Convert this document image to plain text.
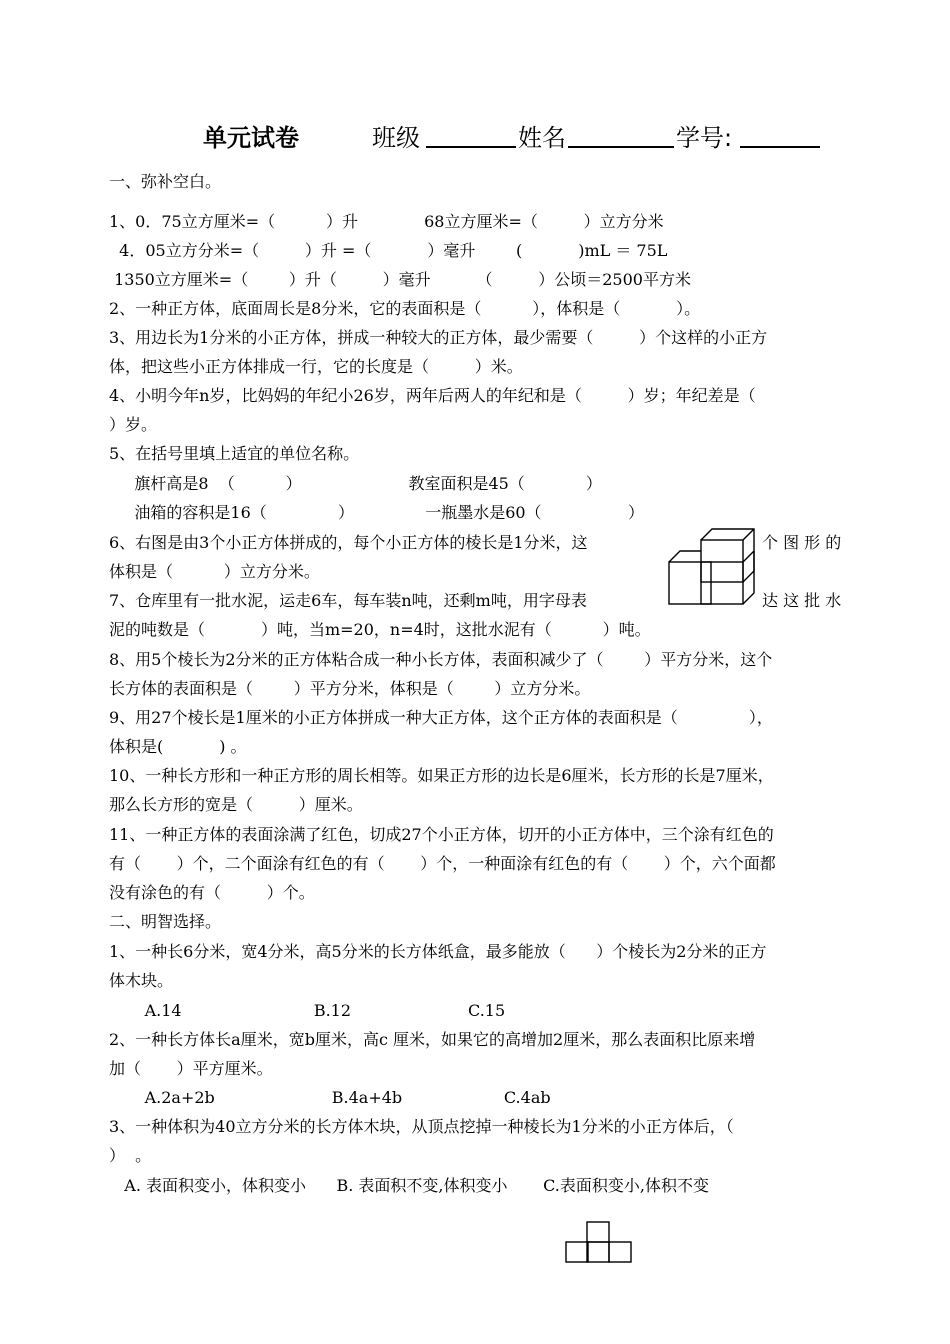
单元试卷	班级	姓名	学号:
一、弥补空白。
1、0．75立方厘米=（          ）升             68立方厘米=（         ）立方分米
4．05立方分米=（         ）升 =（           ）毫升        (           )mL ＝ 75L
1350立方厘米=（        ）升（         ）毫升         （         ）公顷＝2500平方米
2、一种正方体，底面周长是8分米，它的表面积是（          ），体积是（           ）。
3、用边长为1分米的小正方体，拼成一种较大的正方体，最少需要（         ）个这样的小正方
体，把这些小正方体排成一行，它的长度是（         ）米。
4、小明今年n岁，比妈妈的年纪小26岁，两年后两人的年纪和是（         ）岁；年纪差是（
）岁。
5、在括号里填上适宜的单位名称。
旗杆高是8  （          ）                     教室面积是45（            ）
油箱的容积是16（              ）              一瓶墨水是60（                 ）
6、右图是由3个小正方体拼成的，每个小正方体的棱长是1分米，这	个 图 形 的
体积是（          ）立方分米。
7、仓库里有一批水泥，运走6车，每车装n吨，还剩m吨，用字母表	达 这 批 水
泥的吨数是（           ）吨，当m=20，n=4时，这批水泥有（          ）吨。
8、用5个棱长为2分米的正方体粘合成一种小长方体，表面积减少了（        ）平方分米，这个
长方体的表面积是（        ）平方分米，体积是（        ）立方分米。
9、用27个棱长是1厘米的小正方体拼成一种大正方体，这个正方体的表面积是（              ），
体积是(           ) 。
10、一种长方形和一种正方形的周长相等。如果正方形的边长是6厘米，长方形的长是7厘米，
那么长方形的宽是（         ）厘米。
11、一种正方体的表面涂满了红色，切成27个小正方体，切开的小正方体中，三个涂有红色的
有（       ）个，二个面涂有红色的有（       ）个，一种面涂有红色的有（       ）个，六个面都
没有涂色的有（         ）个。
二、明智选择。
1、一种长6分米，宽4分米，高5分米的长方体纸盒，最多能放（      ）个棱长为2分米的正方
体木块。
A.14                          B.12                       C.15
2、一种长方体长a厘米，宽b厘米，高c 厘米，如果它的高增加2厘米，那么表面积比原来增
加（       ）平方厘米。
A.2a+2b                       B.4a+4b                    C.4ab
3、一种体积为40立方分米的长方体木块，从顶点挖掉一种棱长为1分米的小正方体后，（
）  。
A. 表面积变小，体积变小      B. 表面积不变,体积变小       C.表面积变小,体积不变
